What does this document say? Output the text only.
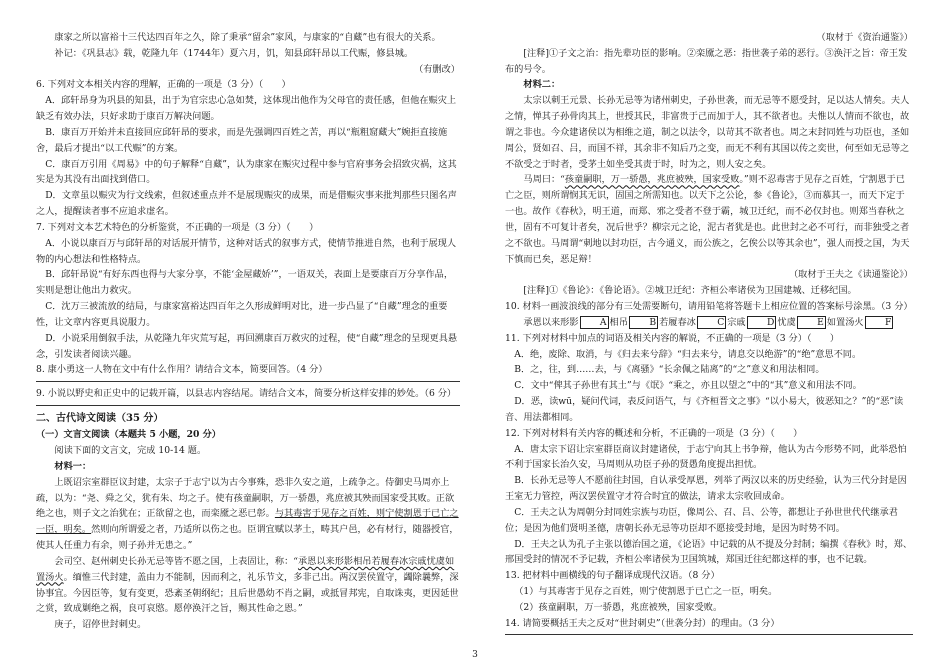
康家之所以富裕十三代达四百年之久，除了秉承“留余”家风，与康家的“自藏”也有很大的关系。

补记：《巩县志》载，乾隆九年（1744年）夏六月，饥，知县邱轩昂以工代赈，修县城。

（有删改）

6. 下列对文本相关内容的理解，正确的一项是（3 分）（　　）

A．邱轩昂身为巩县的知县，出于为官宗忠心急如焚，这体现出他作为父母官的责任感，但他在赈灾上缺乏有效办法，只好求助于康百万解决问题。

B．康百万开始并未直接回应邱轩昂的要求，而是先强调四百姓之苦，再以“瓶粗窟藏大”婉拒直接施舍，最后才提出“以工代赈”的方案。

C．康百万引用《周易》中的句子解释“自藏”，认为康家在赈灾过程中参与官府事务会招致灾祸，这其实是为其没有出面找到借口。

D．文章虽以赈灾为行文线索，但叙述重点并不是展现赈灾的成果，而是借赈灾事来批判那些只图名声之人，提醒读者事不应追求虚名。

7. 下列对文本艺术特色的分析鉴赏，不正确的一项是（3 分）（　　）

A．小说以康百万与邱轩昂的对话展开情节，这种对话式的叙事方式，使情节推进自然，也利于展现人物的内心想法和性格特点。

B．邱轩昂说“有好东西也得与大家分享，不能‘金屋藏娇’”，一语双关，表面上是要康百万分享作品，实则是想让他出力救灾。

C．沈万三被流放的结局，与康家富裕达四百年之久形成鲜明对比，进一步凸显了“自藏”理念的重要性，让文章内容更具说服力。

D．小说采用倒叙手法，从乾隆九年灾荒写起，再回溯康百万救灾的过程，使“自藏”理念的呈现更具悬念，引发读者阅读兴趣。

8. 康小勇这一人物在文中有什么作用？请结合文本，简要回答。（4 分）

9. 小说以野史和正史中的记载开篇，以县志内容结尾。请结合文本，简要分析这样安排的妙处。（6 分）

二、古代诗文阅读（35 分）

（一）文言文阅读（本题共 5 小题，20 分）

阅读下面的文言文，完成 10-14 题。

材料一：

上既诏宗室群臣议封建，太宗子于志宁以为古今事殊，恐非久安之道，上疏争之。侍御史马周亦上疏，以为：“尧、舜之父，犹有朱、均之子。使有孩童嗣职，万一骄愚，兆庶被其殃而国家受其败。正欲绝之也，则子文之治犹在；正欲留之也，而栾黡之恶已彰。与其毒害于见存之百姓，则宁使割恩于已亡之一臣，明矣。然则向所谓爱之者，乃适所以伤之也。臣谓宜赋以茅土，畴其户邑，必有材行，随器授官，使其人任重力有余，则子孙并无患之。”

会司空、赵州刺史长孙无忌等皆不愿之国，上表固让，称：“承恩以来形影相吊若履春冰宗戚忧虞如置汤火。缅惟三代封建，盖由力不能制，因而利之，礼乐节文，多非己出。两汉罢侯置守，蠲除曩弊，深协事宜。今因臣等，复有变更，恐紊圣朝纲纪；且后世愚幼不肖之嗣，或抵冒邦宪，自取诛夷，更因延世之赏，致成剿绝之祸，良可哀愍。愿停涣汗之旨，赐其性命之恩。”

庚子，诏停世封刺史。

（取材于《资治通鉴》）

[注释]①子文之治：指先辈功臣的影响。②栾黡之恶：指世袭子弟的恶行。③涣汗之旨：帝王发布的号令。

材料二：

太宗以刺王元景、长孙无忌等为诸州刺史，子孙世袭，而无忌等不愿受封，足以达人情矣。夫人之情，惮其子孙骨肉其上，世授其民，非富贵于己而加于人，其不欲者也。夫惟以人情而不欲也，故谓之非也。今众建诸侯以为相维之道，制之以法令，以苛其不欲者也。周之末封同姓与功臣也，圣如周公，贤如召、吕，而国不祥，其余非不知后乃之变，而无不利有其国以传之奕世，何至如无忌等之不欲受之于时者，受茅土如坐受其责于时，时为之，则人安之矣。

马周曰：“孩童嗣职，万一骄愚，兆庶被殃，国家受败。”则不忍毒害于见存之百姓，宁割恩于已亡之臣，则所谓悯其无识，固国之所需知也。以天下之公论，参《鲁论》，③而慕其一，而天下定于一也。故作《春秋》，明王道，而郑、邪之受者不登于霸，城卫迁纪，而不必仅封也。则郑当春秋之世，固有不可复计者矣，况后世乎？柳宗元之论，泥古者犹是也。此世封之必不可行，而非独受之者之不欲也。马周谓“刺地以封功臣，古今通义，而公族之，乞俟公以等其余也”，强人而授之国，为天下慎而已矣，恶足辩！

（取材于王夫之《读通鉴论》）

[注释]①《鲁论》：《鲁论语》。②城卫迁纪：齐桓公率诸侯为卫国建城、迁移纪国。

10. 材料一画波浪线的部分有三处需要断句，请用铅笔将答题卡上相应位置的答案标号涂黑。（3 分）

承恩以来形影 A 相吊 B 若履春冰 C 宗戚 D 忧虞 E 如置汤火 F

11. 下列对材料中加点的词语及相关内容的解说，不正确的一项是（3 分）（　　）

A．绝，废除、取消，与《归去来兮辞》“归去来兮，请息交以绝游”的“绝”意思不同。

B．之，往，到……去，与《离骚》“长余佩之陆离”的“之”意义和用法相同。

C．文中“俾其子孙世有其土”与《氓》“乘之，亦且以望之”中的“其”意义和用法不同。

D．恶，读wū，疑问代词，表反问语气，与《齐桓晋文之事》“以小易大，彼恶知之？”的“恶”读音、用法都相同。

12. 下列对材料有关内容的概述和分析，不正确的一项是（3 分）（　　）

A．唐太宗下诏让宗室群臣商议封建诸侯，于志宁向其上书争辩，他认为古今形势不同，此举恐怕不利于国家长治久安，马周则从功臣子孙的贤愚角度提出担忧。

B．长孙无忌等人不愿前往封国，自认承受厚恩，列举了两汉以来的历史经验，认为三代分封是因王室无力管控，两汉罢侯置守才符合时宜的做法，请求太宗收回成命。

C．王夫之认为周朝分封同姓宗族与功臣，像周公、召、吕、公等，都想让子孙世世代代继承君位；是因为他们贤明圣德，唐朝长孙无忌等功臣却不愿接受封地，是因为时势不同。

D．王夫之认为孔子主张以德治国之道，《论语》中记载的从不提及分封制；编撰《春秋》时，郑、邢国受封的情况不予记载，齐桓公率诸侯为卫国筑城，郑国迁往纪都这样的事，也不记载。

13. 把材料中画横线的句子翻译成现代汉语。（8 分）

（1）与其毒害于见存之百姓，则宁使割恩于已亡之一臣，明矣。

（2）孩童嗣职，万一骄愚，兆庶被殃，国家受败。

14. 请简要概括王夫之反对“世封刺史”（世袭分封）的理由。（3 分）

3
